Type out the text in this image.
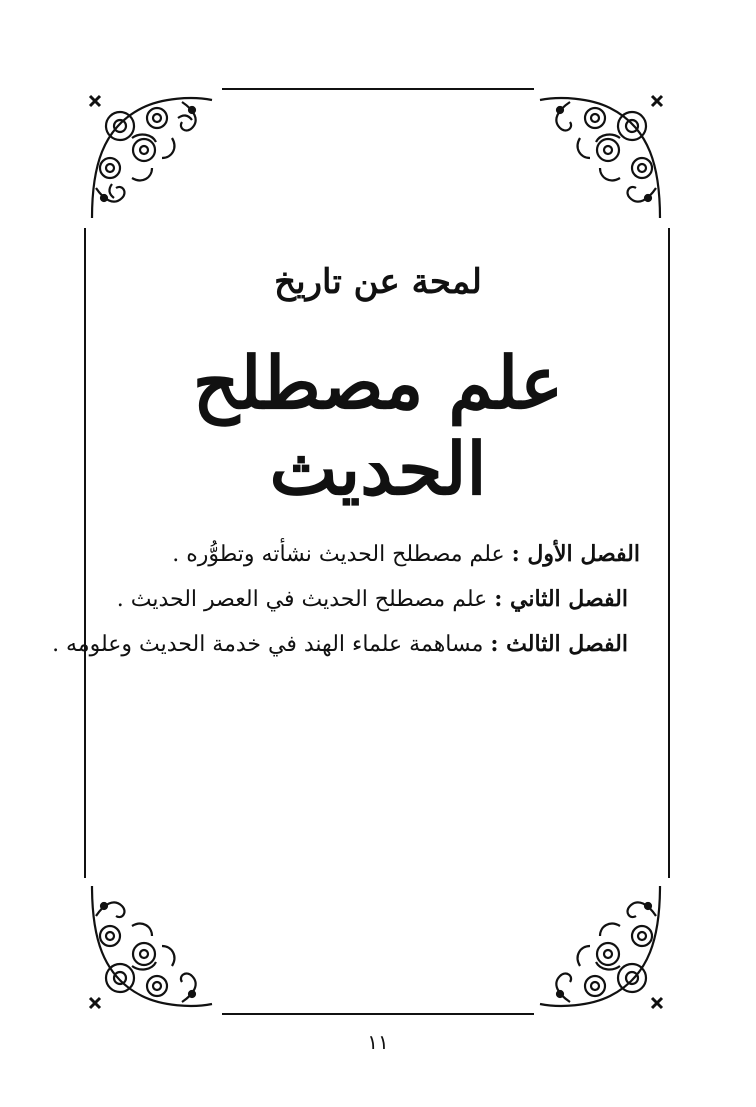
لمحة عن تاريخ
علم مصطلح الحديث
الفصل الأول : علم مصطلح الحديث نشأته وتطوُّره .
الفصل الثاني : علم مصطلح الحديث في العصر الحديث .
الفصل الثالث : مساهمة علماء الهند في خدمة الحديث وعلومه .
١١
